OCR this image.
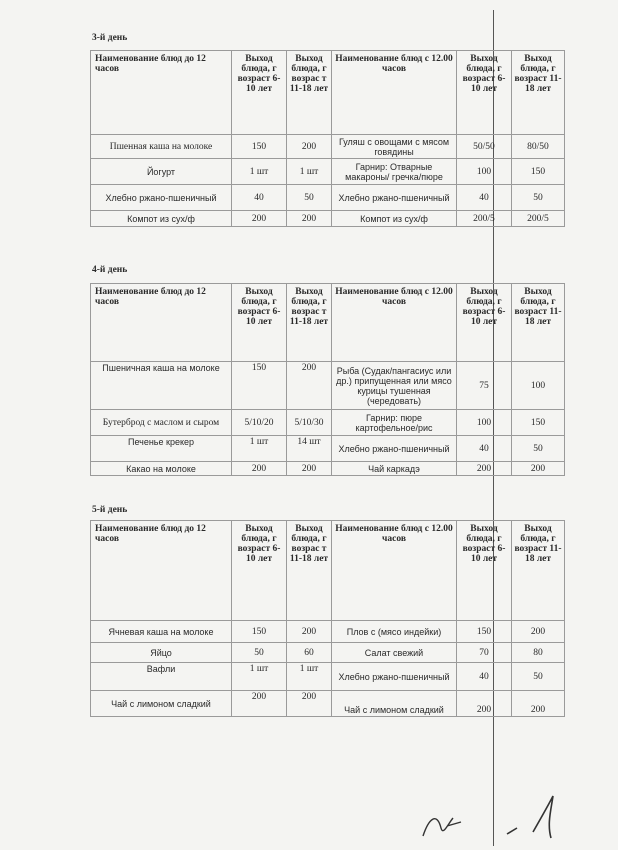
3-й день
Наименование блюд до 12 часов	Выход блюда, г возраст 6-10 лет	Выход блюда, г возрас т 11-18 лет	Наименование блюд с 12.00 часов	Выход блюда, г возраст 6-10 лет	Выход блюда, г возраст 11-18 лет
Пшенная каша на молоке	150	200	Гуляш с овощами с мясом говядины	50/50	80/50
Йогурт	1 шт	1 шт	Гарнир: Отварные макароны/ гречка/пюре	100	150
Хлебно ржано-пшеничный	40	50	Хлебно ржано-пшеничный	40	50
Компот из сух/ф	200	200	Компот из сух/ф	200/5	200/5
4-й день
Наименование блюд до 12 часов	Выход блюда, г возраст 6-10 лет	Выход блюда, г возрас т 11-18 лет	Наименование блюд с 12.00 часов	Выход блюда, г возраст 6-10 лет	Выход блюда, г возраст 11-18 лет
Пшеничная каша на молоке	150	200	Рыба (Судак/пангасиус или др.) припущенная или мясо курицы тушенная (чередовать)	75	100
Бутерброд с маслом и сыром	5/10/20	5/10/30	Гарнир: пюре картофельное/рис	100	150
Печенье крекер	1 шт	14 шт	Хлебно ржано-пшеничный	40	50
Какао на молоке	200	200	Чай каркадэ	200	200
5-й день
Наименование блюд до 12 часов	Выход блюда, г возраст 6-10 лет	Выход блюда, г возрас т 11-18 лет	Наименование блюд с 12.00 часов	Выход блюда, г возраст 6-10 лет	Выход блюда, г возраст 11-18 лет
Ячневая каша на молоке	150	200	Плов с (мясо индейки)	150	200
Яйцо	50	60	Салат свежий	70	80
Вафли	1 шт	1 шт	Хлебно ржано-пшеничный	40	50
Чай с лимоном сладкий	200	200	Чай с лимоном сладкий	200	200
